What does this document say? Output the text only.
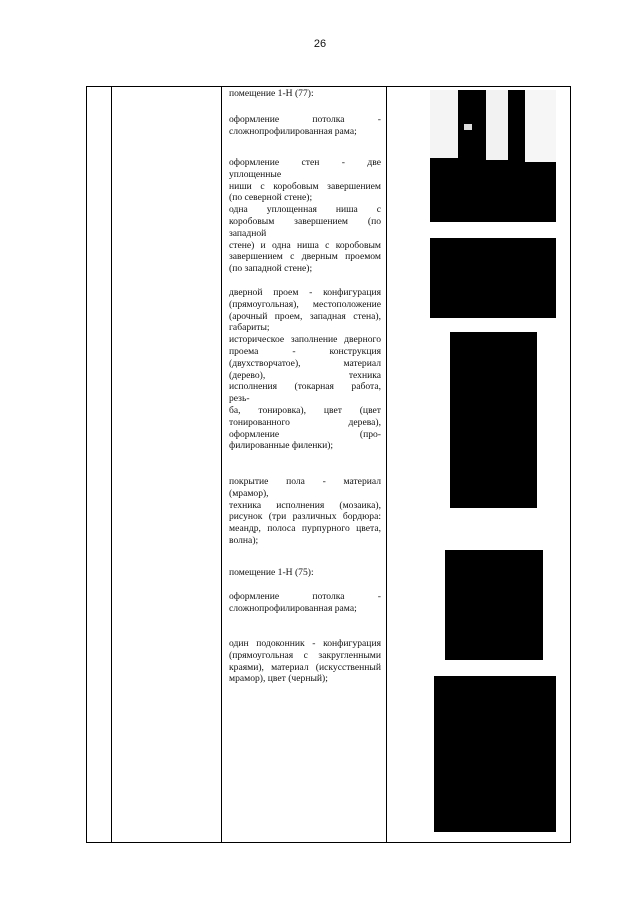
26
помещение 1-Н (77):
оформление потолка -
сложнопрофилированная рама;
оформление стен - две
уплощенные
ниши с коробовым завершением
(по северной стене);
одна уплощенная ниша с
коробовым завершением (по
западной
стене) и одна ниша с коробовым
завершением с дверным проемом
(по западной стене);
дверной проем - конфигурация
(прямоугольная), местоположение
(арочный проем, западная стена),
габариты;
историческое заполнение дверного
проема - конструкция
(двухстворчатое), материал
(дерево), техника
исполнения (токарная работа,
резь-
ба, тонировка), цвет (цвет
тонированного дерева),
оформление (про-
филированные филенки);
покрытие пола - материал
(мрамор),
техника исполнения (мозаика),
рисунок (три различных бордюра:
меандр, полоса пурпурного цвета,
волна);
помещение 1-Н (75):
оформление потолка -
сложнопрофилированная рама;
один подоконник - конфигурация
(прямоугольная с закругленными
краями), материал (искусственный
мрамор), цвет (черный);
